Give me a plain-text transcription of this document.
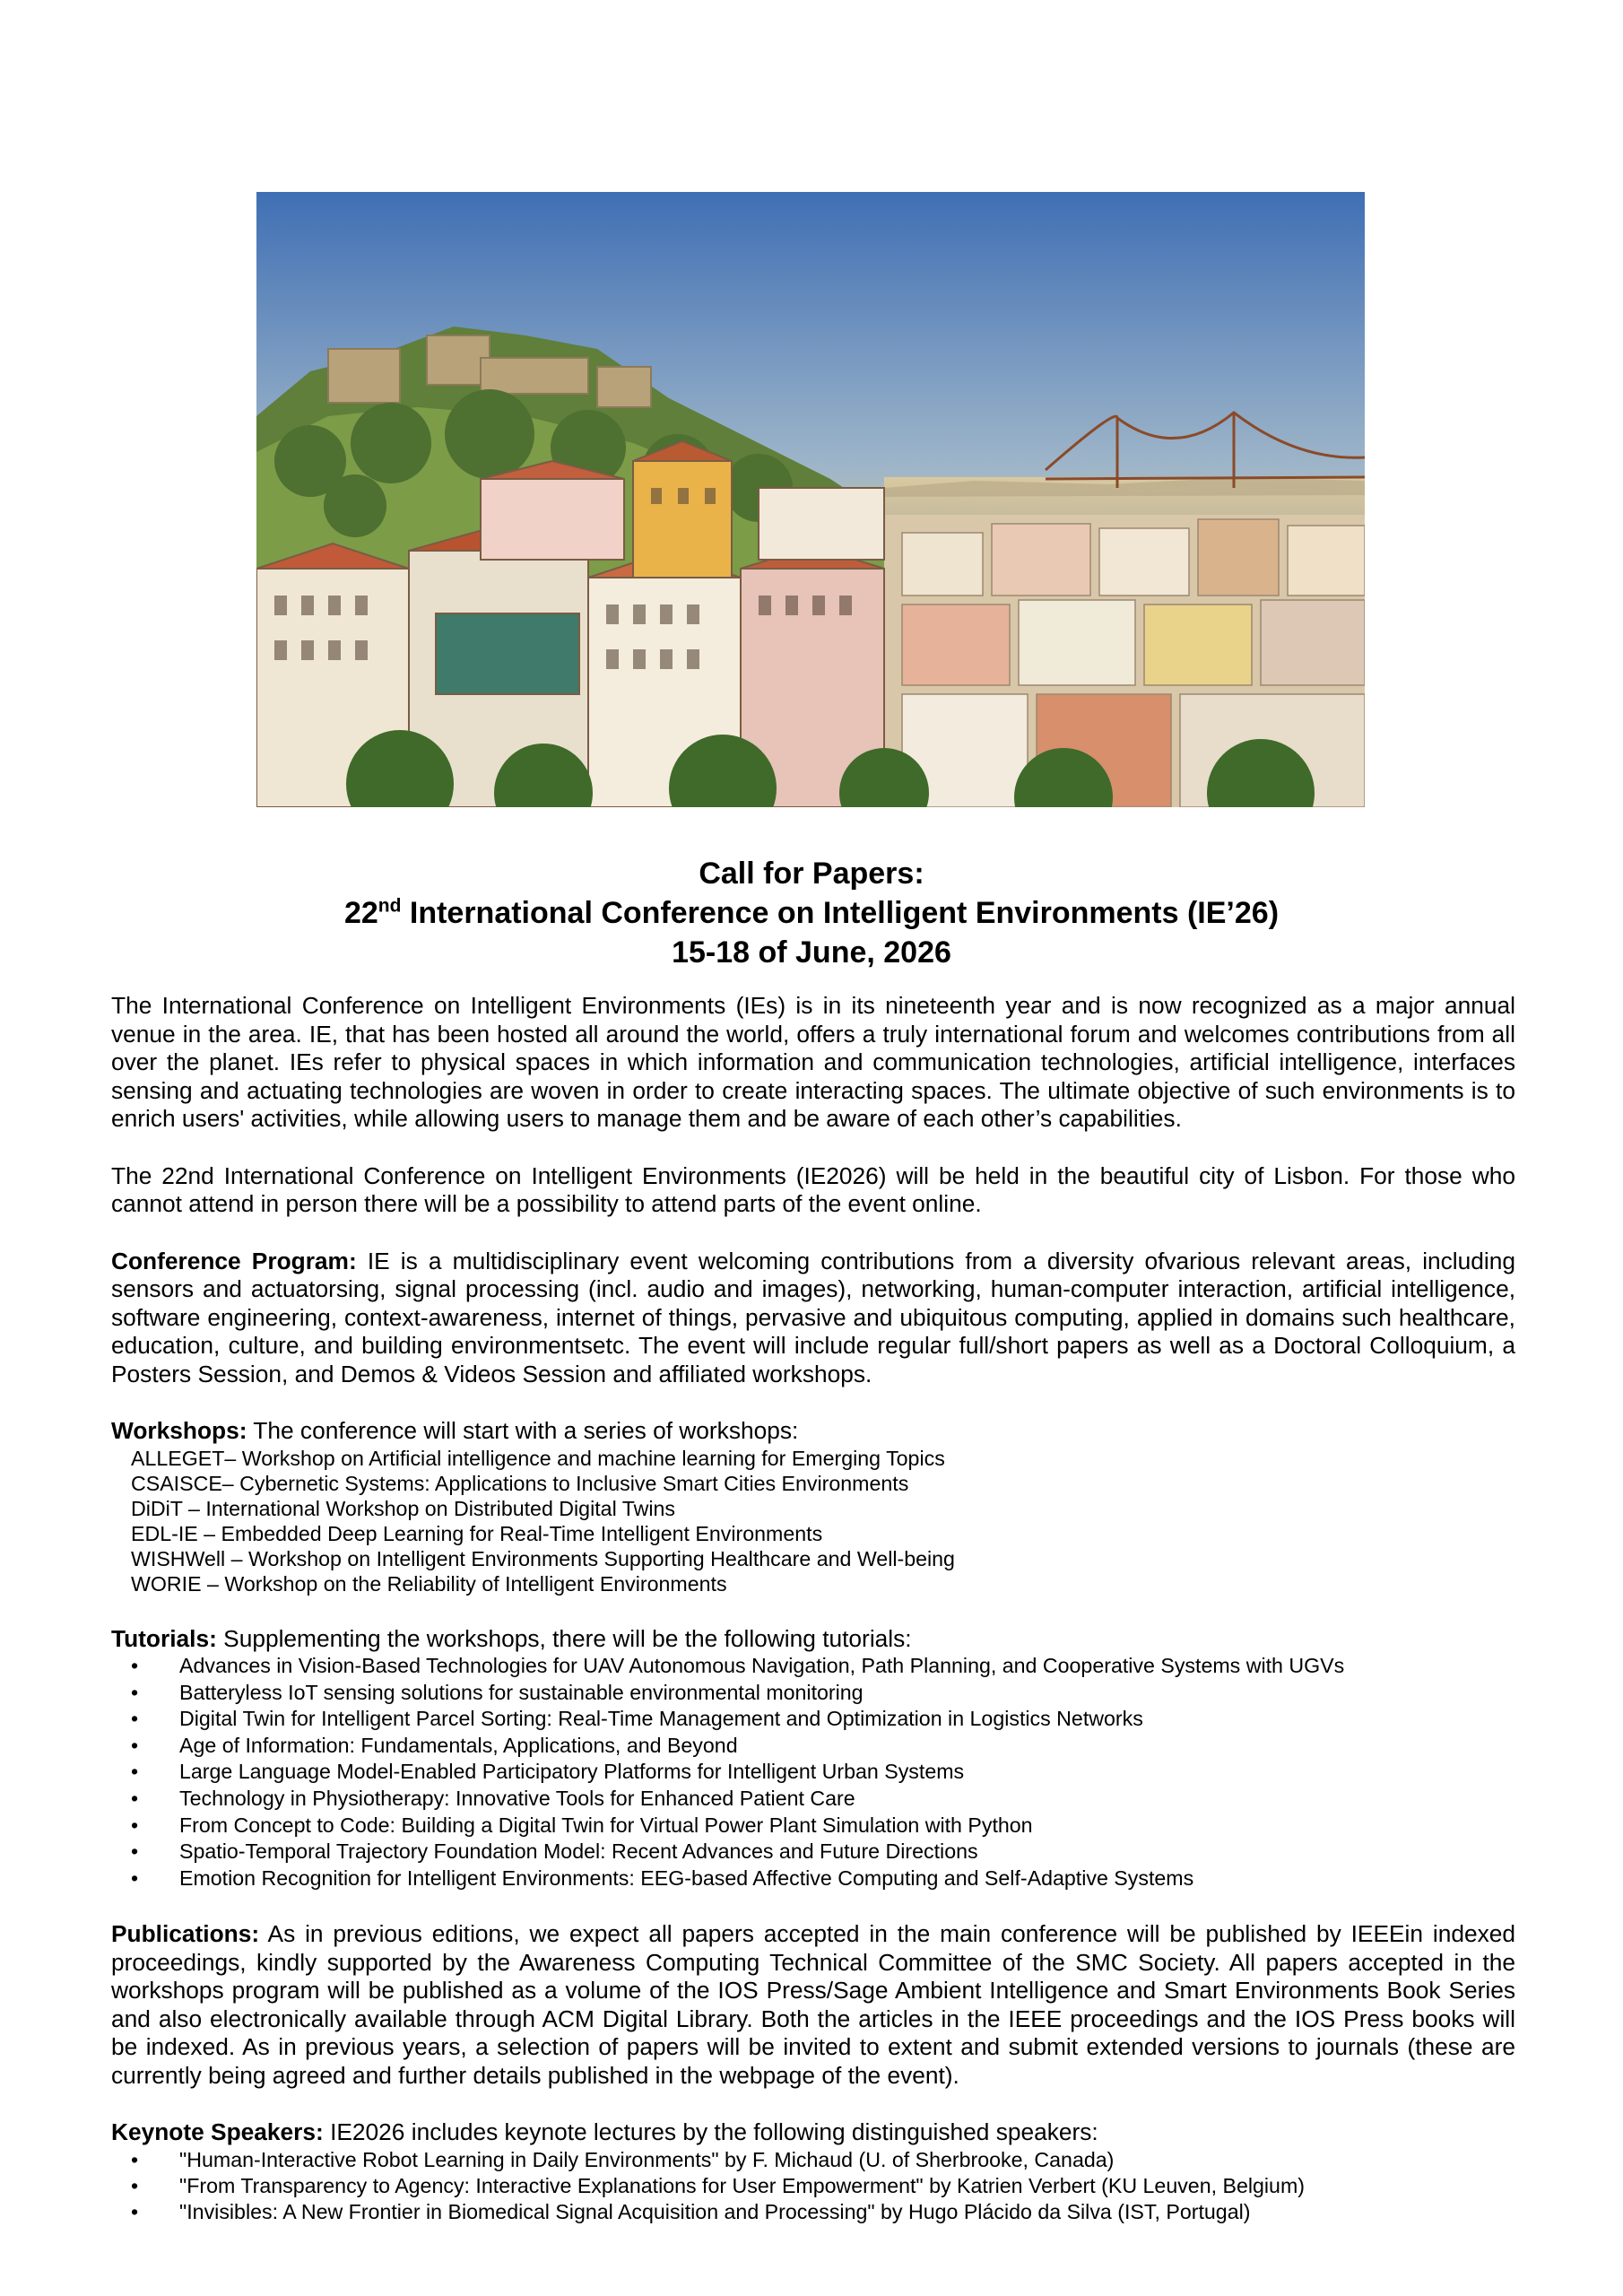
Call for Papers:
22nd International Conference on Intelligent Environments (IE’26)
15-18 of June, 2026

The International Conference on Intelligent Environments (IEs) is in its nineteenth year and is now recognized as a major annual venue in the area. IE, that has been hosted all around the world, offers a truly international forum and welcomes contributions from all over the planet. IEs refer to physical spaces in which information and communication technologies, artificial intelligence, interfaces sensing and actuating technologies are woven in order to create interacting spaces. The ultimate objective of such environments is to enrich users' activities, while allowing users to manage them and be aware of each other’s capabilities.

The 22nd International Conference on Intelligent Environments (IE2026) will be held in the beautiful city of Lisbon. For those who cannot attend in person there will be a possibility to attend parts of the event online.

Conference Program: IE is a multidisciplinary event welcoming contributions from a diversity ofvarious relevant areas, including sensors and actuatorsing, signal processing (incl. audio and images), networking, human-computer interaction, artificial intelligence, software engineering, context-awareness, internet of things, pervasive and ubiquitous computing, applied in domains such healthcare, education, culture, and building environmentsetc. The event will include regular full/short papers as well as a Doctoral Colloquium, a Posters Session, and Demos & Videos Session and affiliated workshops.

Workshops: The conference will start with a series of workshops:
ALLEGET– Workshop on Artificial intelligence and machine learning for Emerging Topics
CSAISCE– Cybernetic Systems: Applications to Inclusive Smart Cities Environments
DiDiT – International Workshop on Distributed Digital Twins
EDL-IE – Embedded Deep Learning for Real-Time Intelligent Environments
WISHWell – Workshop on Intelligent Environments Supporting Healthcare and Well-being
WORIE – Workshop on the Reliability of Intelligent Environments
Tutorials: Supplementing the workshops, there will be the following tutorials:
• Advances in Vision-Based Technologies for UAV Autonomous Navigation, Path Planning, and Cooperative Systems with UGVs
• Batteryless IoT sensing solutions for sustainable environmental monitoring
• Digital Twin for Intelligent Parcel Sorting: Real-Time Management and Optimization in Logistics Networks
• Age of Information: Fundamentals, Applications, and Beyond
• Large Language Model-Enabled Participatory Platforms for Intelligent Urban Systems
• Technology in Physiotherapy: Innovative Tools for Enhanced Patient Care
• From Concept to Code: Building a Digital Twin for Virtual Power Plant Simulation with Python
• Spatio-Temporal Trajectory Foundation Model: Recent Advances and Future Directions
• Emotion Recognition for Intelligent Environments: EEG-based Affective Computing and Self-Adaptive Systems

Publications: As in previous editions, we expect all papers accepted in the main conference will be published by IEEEin indexed proceedings, kindly supported by the Awareness Computing Technical Committee of the SMC Society. All papers accepted in the workshops program will be published as a volume of the IOS Press/Sage Ambient Intelligence and Smart Environments Book Series and also electronically available through ACM Digital Library. Both the articles in the IEEE proceedings and the IOS Press books will be indexed. As in previous years, a selection of papers will be invited to extent and submit extended versions to journals (these are currently being agreed and further details published in the webpage of the event).

Keynote Speakers: IE2026 includes keynote lectures by the following distinguished speakers:
• "Human-Interactive Robot Learning in Daily Environments" by F. Michaud (U. of Sherbrooke, Canada)
• "From Transparency to Agency: Interactive Explanations for User Empowerment" by Katrien Verbert (KU Leuven, Belgium)
• "Invisibles: A New Frontier in Biomedical Signal Acquisition and Processing" by Hugo Plácido da Silva (IST, Portugal)
